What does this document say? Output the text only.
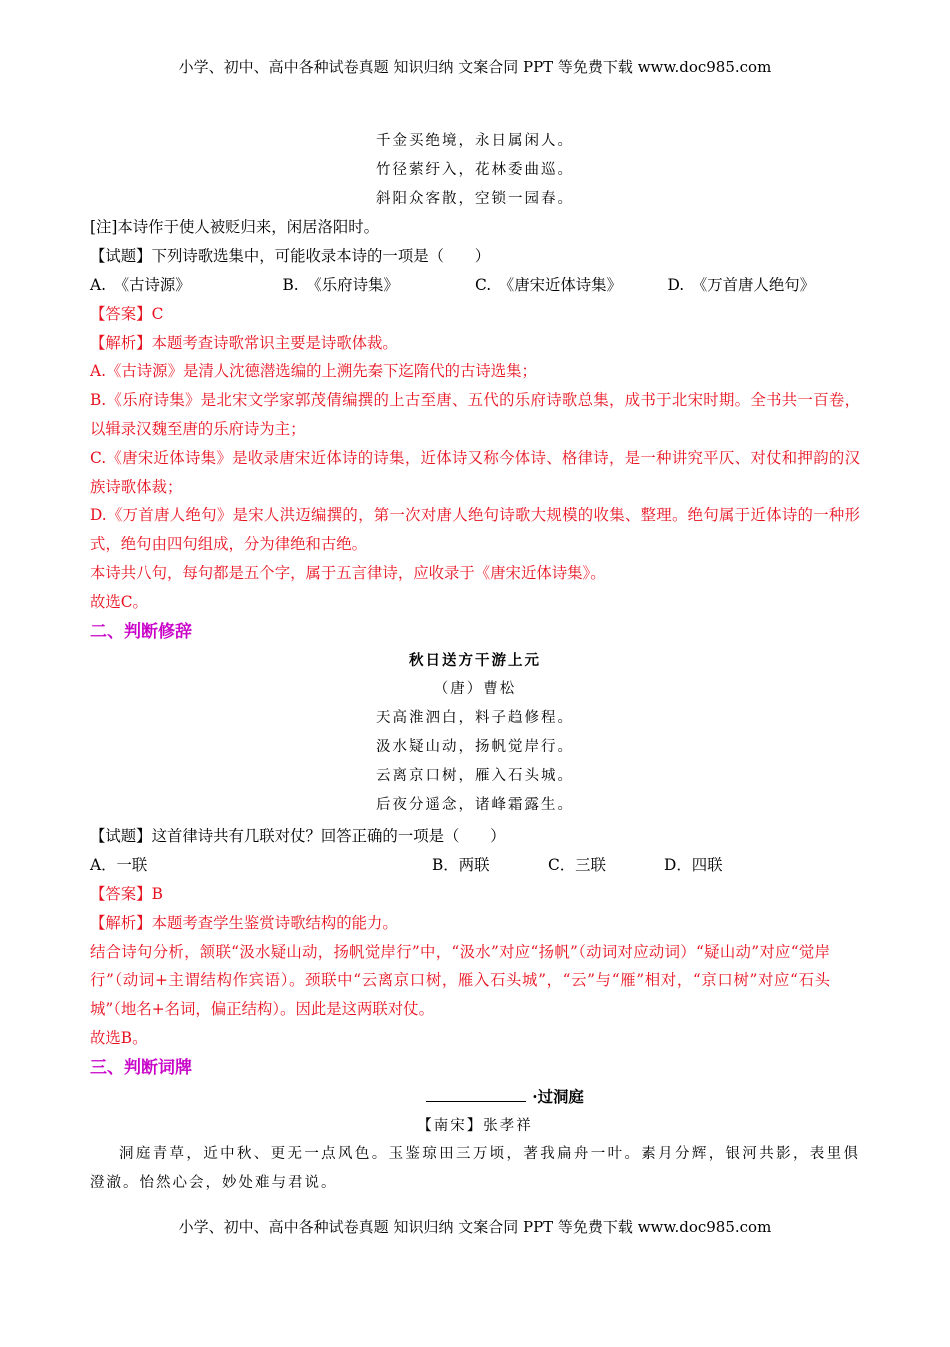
小学、初中、高中各种试卷真题 知识归纳 文案合同 PPT 等免费下载 www.doc985.com
千金买绝境，永日属闲人。
竹径萦纡入，花林委曲巡。
斜阳众客散，空锁一园春。
[注]本诗作于使人被贬归来，闲居洛阳时。
【试题】下列诗歌选集中，可能收录本诗的一项是（　　）
A.　《古诗源》	B.　《乐府诗集》	C.　《唐宋近体诗集》	D.　《万首唐人绝句》
【答案】C
【解析】本题考查诗歌常识主要是诗歌体裁。
A.《古诗源》是清人沈德潜选编的上溯先秦下迄隋代的古诗选集；
B.《乐府诗集》是北宋文学家郭茂倩编撰的上古至唐、五代的乐府诗歌总集，成书于北宋时期。全书共一百卷，以辑录汉魏至唐的乐府诗为主；
C.《唐宋近体诗集》是收录唐宋近体诗的诗集，近体诗又称今体诗、格律诗，是一种讲究平仄、对仗和押韵的汉族诗歌体裁；
D.《万首唐人绝句》是宋人洪迈编撰的，第一次对唐人绝句诗歌大规模的收集、整理。绝句属于近体诗的一种形式，绝句由四句组成，分为律绝和古绝。
本诗共八句，每句都是五个字，属于五言律诗，应收录于《唐宋近体诗集》。
故选C。
二、判断修辞
秋日送方干游上元
（唐）曹松
天高淮泗白，料子趋修程。
汲水疑山动，扬帆觉岸行。
云离京口树，雁入石头城。
后夜分遥念，诸峰霜露生。
【试题】这首律诗共有几联对仗？回答正确的一项是（　　）
A．一联	B．两联	C．三联	D．四联
【答案】B
【解析】本题考查学生鉴赏诗歌结构的能力。
结合诗句分析，颔联“汲水疑山动，扬帆觉岸行”中，“汲水”对应“扬帆”（动词对应动词）“疑山动”对应“觉岸行”（动词+主谓结构作宾语）。颈联中“云离京口树，雁入石头城”，“云”与“雁”相对，“京口树”对应“石头城”（地名+名词，偏正结构）。因此是这两联对仗。
故选B。
三、判断词牌
·过洞庭
【南宋】张孝祥
洞庭青草，近中秋、更无一点风色。玉鉴琼田三万顷，著我扁舟一叶。素月分辉，银河共影，表里俱澄澈。怡然心会，妙处难与君说。
小学、初中、高中各种试卷真题 知识归纳 文案合同 PPT 等免费下载 www.doc985.com
